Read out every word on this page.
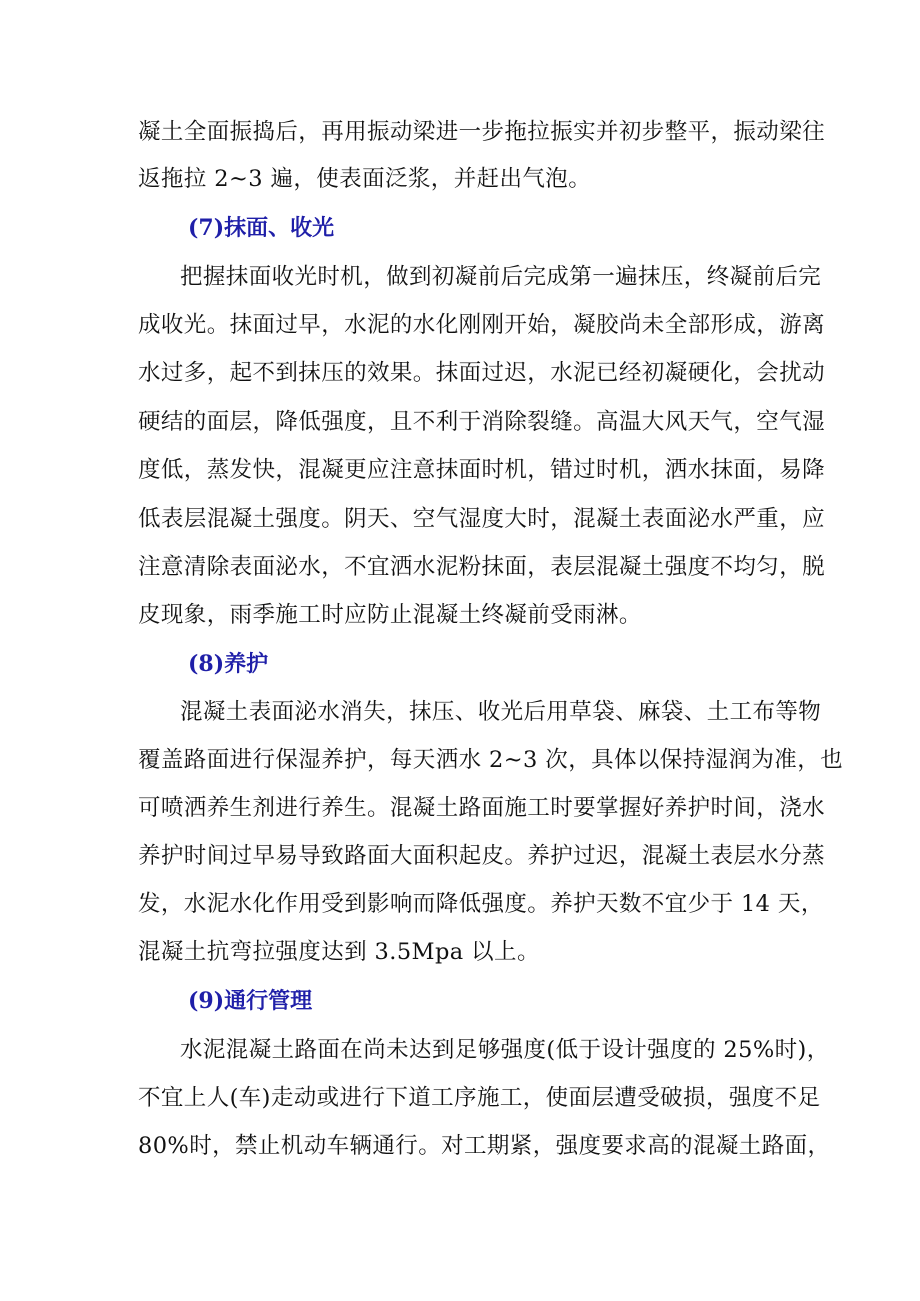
凝土全面振捣后，再用振动梁进一步拖拉振实并初步整平，振动梁往
返拖拉 2~3 遍，使表面泛浆，并赶出气泡。
(7)抹面、收光
把握抹面收光时机，做到初凝前后完成第一遍抹压，终凝前后完
成收光。抹面过早，水泥的水化刚刚开始，凝胶尚未全部形成，游离
水过多，起不到抹压的效果。抹面过迟，水泥已经初凝硬化，会扰动
硬结的面层，降低强度，且不利于消除裂缝。高温大风天气，空气湿
度低，蒸发快，混凝更应注意抹面时机，错过时机，洒水抹面，易降
低表层混凝土强度。阴天、空气湿度大时，混凝土表面泌水严重，应
注意清除表面泌水，不宜洒水泥粉抹面，表层混凝土强度不均匀，脱
皮现象，雨季施工时应防止混凝土终凝前受雨淋。
(8)养护
混凝土表面泌水消失，抹压、收光后用草袋、麻袋、土工布等物
覆盖路面进行保湿养护，每天洒水 2~3 次，具体以保持湿润为准，也
可喷洒养生剂进行养生。混凝土路面施工时要掌握好养护时间，浇水
养护时间过早易导致路面大面积起皮。养护过迟，混凝土表层水分蒸
发，水泥水化作用受到影响而降低强度。养护天数不宜少于 14 天，
混凝土抗弯拉强度达到 3.5Mpa 以上。
(9)通行管理
水泥混凝土路面在尚未达到足够强度(低于设计强度的 25%时)，
不宜上人(车)走动或进行下道工序施工，使面层遭受破损，强度不足
80%时，禁止机动车辆通行。对工期紧，强度要求高的混凝土路面，
